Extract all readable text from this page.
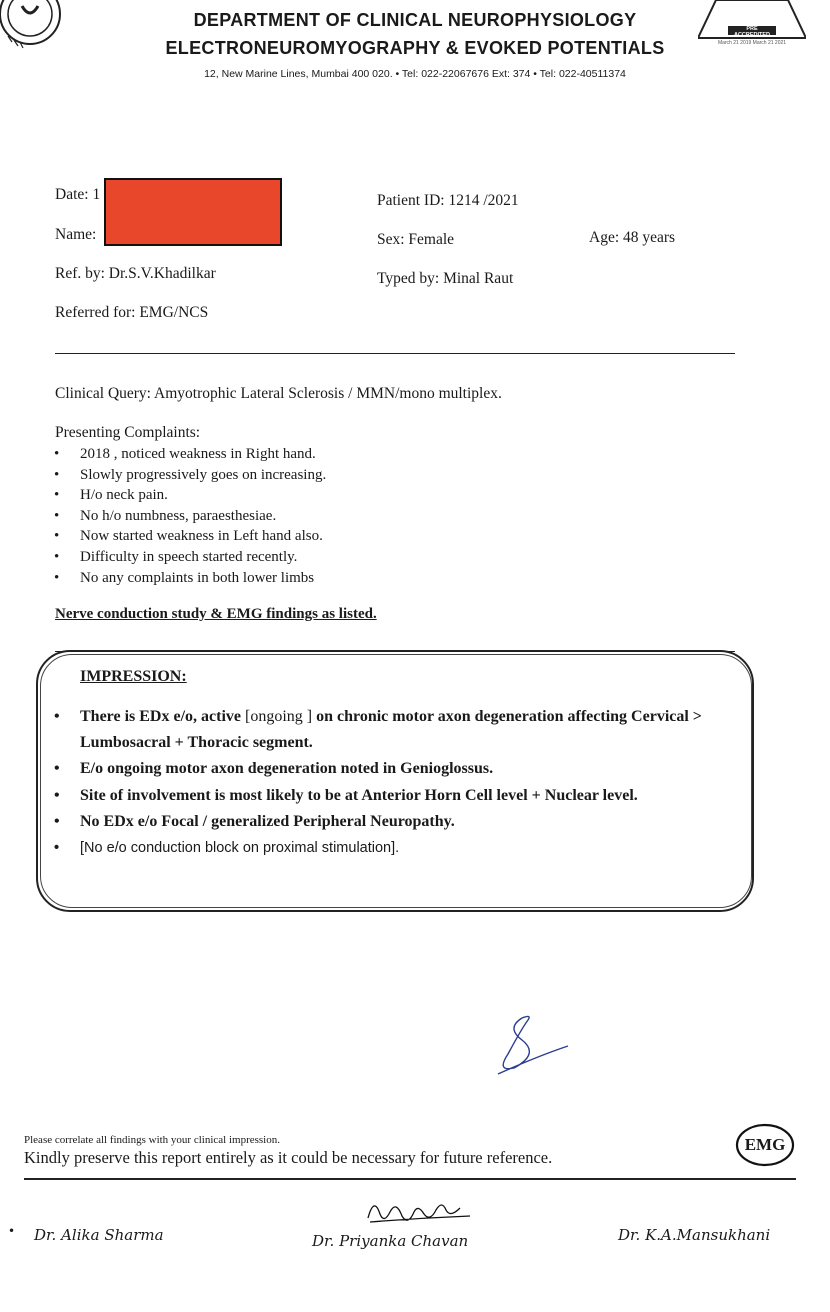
DEPARTMENT OF CLINICAL NEUROPHYSIOLOGY
ELECTRONEUROMYOGRAPHY & EVOKED POTENTIALS
12, New Marine Lines, Mumbai 400 020. • Tel: 022-22067676 Ext: 374 • Tel: 022-40511374
PRE ACCREDITED
March 21 2019 March 21 2021
Date: 1
Name:
Patient ID: 1214 /2021
Sex: Female	Age: 48 years
Ref. by: Dr.S.V.Khadilkar	Typed by: Minal Raut
Referred for: EMG/NCS
Clinical Query: Amyotrophic Lateral Sclerosis / MMN/mono multiplex.
Presenting Complaints:
• 2018 , noticed weakness in Right hand.
• Slowly progressively goes on increasing.
• H/o neck pain.
• No h/o numbness, paraesthesiae.
• Now started weakness in Left hand also.
• Difficulty in speech started recently.
• No any complaints in both lower limbs
Nerve conduction study & EMG findings as listed.
IMPRESSION:
• There is EDx e/o, active [ongoing ] on chronic motor axon degeneration affecting Cervical > Lumbosacral + Thoracic segment.
• E/o ongoing motor axon degeneration noted in Genioglossus.
• Site of involvement is most likely to be at Anterior Horn Cell level + Nuclear level.
• No EDx e/o Focal / generalized Peripheral Neuropathy.
• [No e/o conduction block on proximal stimulation].
Please correlate all findings with your clinical impression.
Kindly preserve this report entirely as it could be necessary for future reference.
EMG
• Dr. Alika Sharma	Dr. Priyanka Chavan	Dr. K.A.Mansukhani
